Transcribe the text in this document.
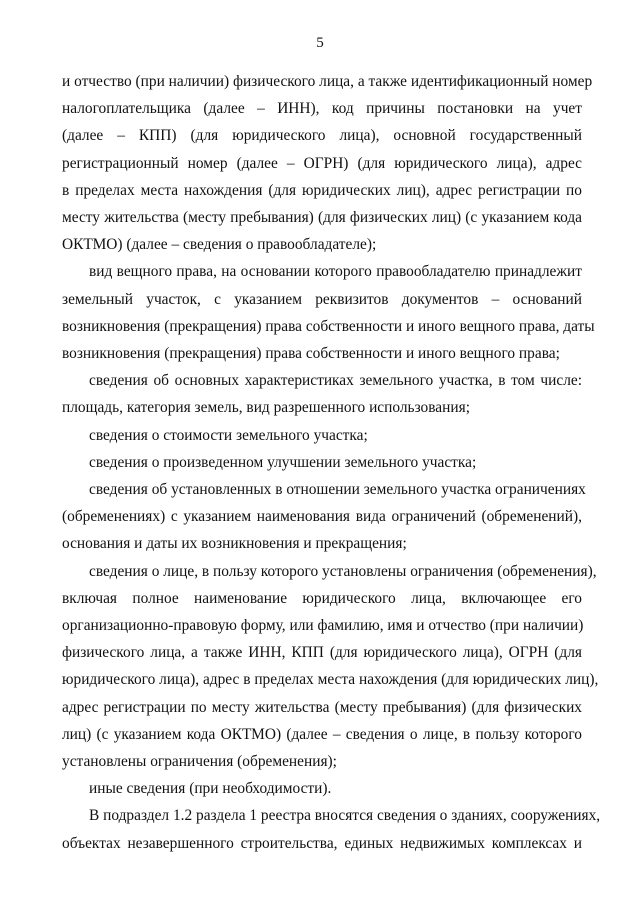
5
и отчество (при наличии) физического лица, а также идентификационный номер
налогоплательщика (далее – ИНН), код причины постановки на учет
(далее – КПП) (для юридического лица), основной государственный
регистрационный номер (далее – ОГРН) (для юридического лица), адрес
в пределах места нахождения (для юридических лиц), адрес регистрации по
месту жительства (месту пребывания) (для физических лиц) (с указанием кода
ОКТМО) (далее – сведения о правообладателе);
вид вещного права, на основании которого правообладателю принадлежит
земельный участок, с указанием реквизитов документов – оснований
возникновения (прекращения) права собственности и иного вещного права, даты
возникновения (прекращения) права собственности и иного вещного права;
сведения об основных характеристиках земельного участка, в том числе:
площадь, категория земель, вид разрешенного использования;
сведения о стоимости земельного участка;
сведения о произведенном улучшении земельного участка;
сведения об установленных в отношении земельного участка ограничениях
(обременениях) с указанием наименования вида ограничений (обременений),
основания и даты их возникновения и прекращения;
сведения о лице, в пользу которого установлены ограничения (обременения),
включая полное наименование юридического лица, включающее его
организационно-правовую форму, или фамилию, имя и отчество (при наличии)
физического лица, а также ИНН, КПП (для юридического лица), ОГРН (для
юридического лица), адрес в пределах места нахождения (для юридических лиц),
адрес регистрации по месту жительства (месту пребывания) (для физических
лиц) (с указанием кода ОКТМО) (далее – сведения о лице, в пользу которого
установлены ограничения (обременения);
иные сведения (при необходимости).
В подраздел 1.2 раздела 1 реестра вносятся сведения о зданиях, сооружениях,
объектах незавершенного строительства, единых недвижимых комплексах и
